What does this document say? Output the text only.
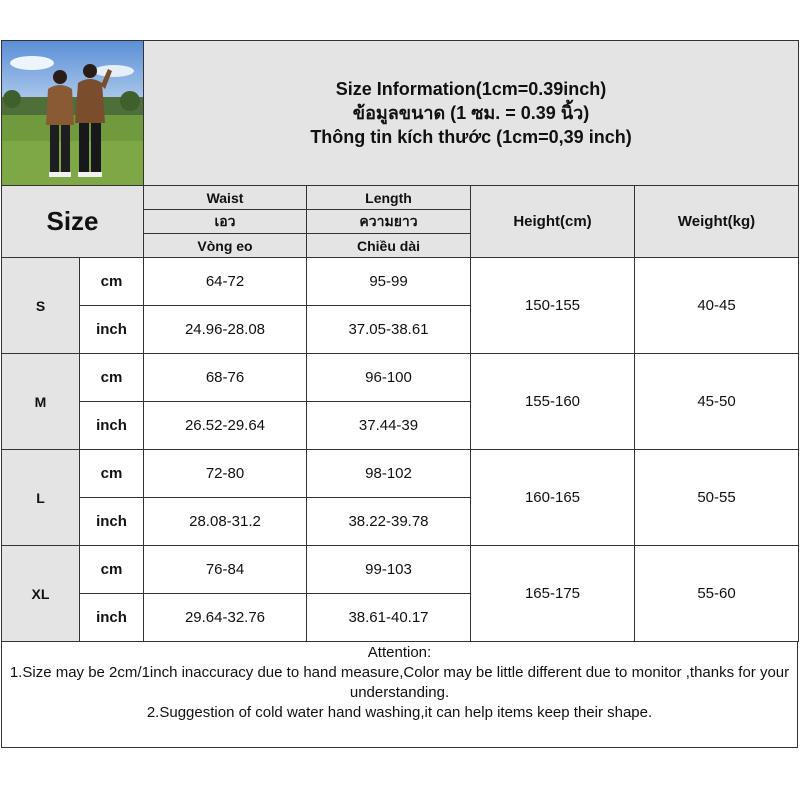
Size Information(1cm=0.39inch)
ข้อมูลขนาด (1 ซม. = 0.39 นิ้ว)
Thông tin kích thước (1cm=0,39 inch)			

Size		Waist	Length	Height(cm)	Weight(kg)
		เอว	ความยาว		
		Vòng eo	Chiều dài		
S	cm	64-72	95-99	150-155	40-45
	inch	24.96-28.08	37.05-38.61		
M	cm	68-76	96-100	155-160	45-50
	inch	26.52-29.64	37.44-39		
L	cm	72-80	98-102	160-165	50-55
	inch	28.08-31.2	38.22-39.78		
XL	cm	76-84	99-103	165-175	55-60
	inch	29.64-32.76	38.61-40.17		
Attention:
1.Size may be 2cm/1inch inaccuracy due to hand measure,Color may be little different due to monitor ,thanks for your understanding.
2.Suggestion of cold water hand washing,it can help items keep their shape.
